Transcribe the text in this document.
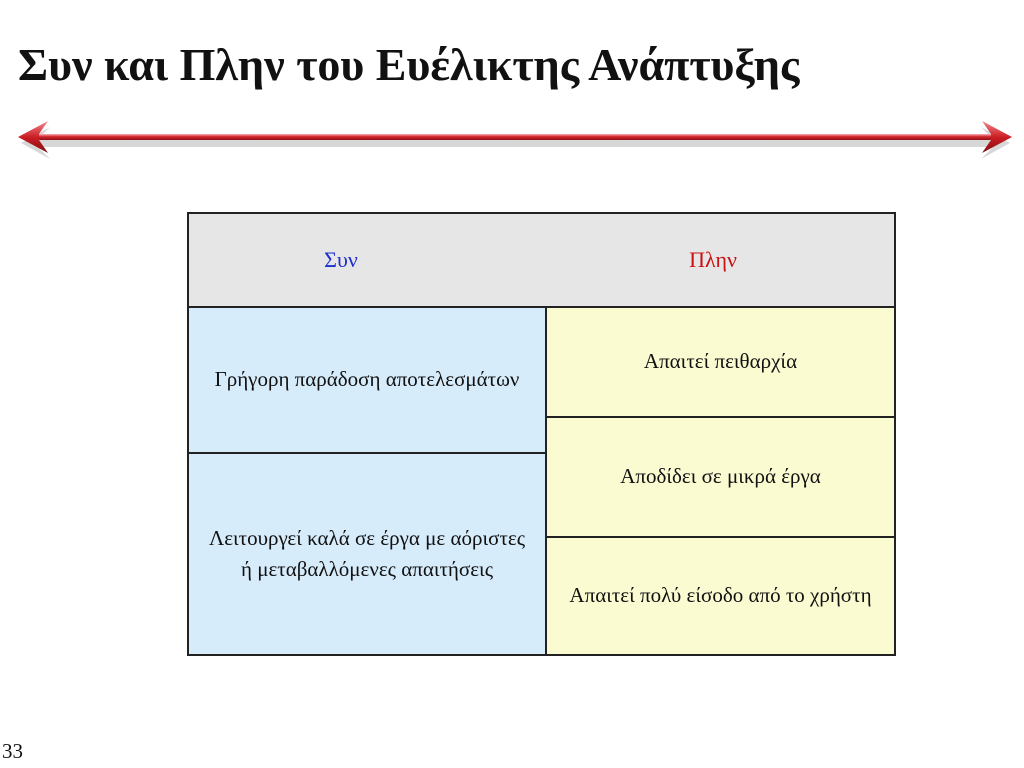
Συν και Πλην του Ευέλικτης Ανάπτυξης
Συν	Πλην
Γρήγορη παράδοση αποτελεσμάτων
Λειτουργεί καλά σε έργα με αόριστες ή μεταβαλλόμενες απαιτήσεις
Απαιτεί πειθαρχία
Αποδίδει σε μικρά έργα
Απαιτεί πολύ είσοδο από το χρήστη
33
